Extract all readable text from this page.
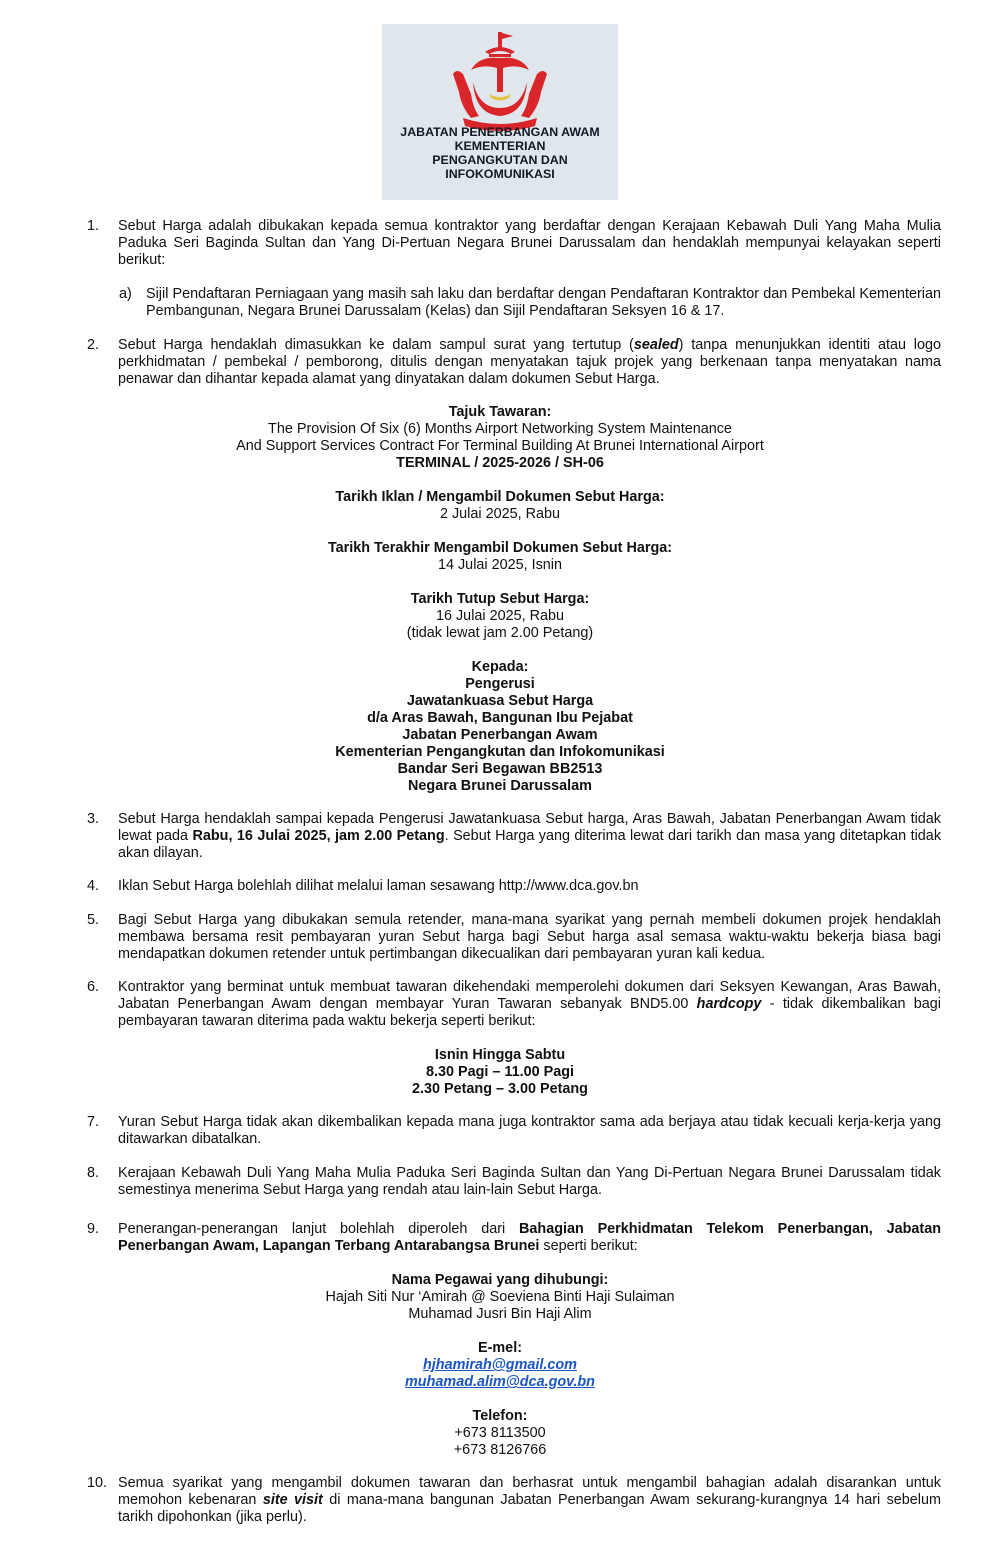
JABATAN PENERBANGAN AWAM
KEMENTERIAN
PENGANGKUTAN DAN
INFOKOMUNIKASI
1.	Sebut Harga adalah dibukakan kepada semua kontraktor yang berdaftar dengan Kerajaan Kebawah Duli Yang Maha Mulia Paduka Seri Baginda Sultan dan Yang Di-Pertuan Negara Brunei Darussalam dan hendaklah mempunyai kelayakan seperti berikut:
a) Sijil Pendaftaran Perniagaan yang masih sah laku dan berdaftar dengan Pendaftaran Kontraktor dan Pembekal Kementerian Pembangunan, Negara Brunei Darussalam (Kelas) dan Sijil Pendaftaran Seksyen 16 & 17.
2.	Sebut Harga hendaklah dimasukkan ke dalam sampul surat yang tertutup (sealed) tanpa menunjukkan identiti atau logo perkhidmatan / pembekal / pemborong, ditulis dengan menyatakan tajuk projek yang berkenaan tanpa menyatakan nama penawar dan dihantar kepada alamat yang dinyatakan dalam dokumen Sebut Harga.
Tajuk Tawaran:
The Provision Of Six (6) Months Airport Networking System Maintenance
And Support Services Contract For Terminal Building At Brunei International Airport
TERMINAL / 2025-2026 / SH-06
Tarikh Iklan / Mengambil Dokumen Sebut Harga:
2 Julai 2025, Rabu
Tarikh Terakhir Mengambil Dokumen Sebut Harga:
14 Julai 2025, Isnin
Tarikh Tutup Sebut Harga:
16 Julai 2025, Rabu
(tidak lewat jam 2.00 Petang)
Kepada:
Pengerusi
Jawatankuasa Sebut Harga
d/a Aras Bawah, Bangunan Ibu Pejabat
Jabatan Penerbangan Awam
Kementerian Pengangkutan dan Infokomunikasi
Bandar Seri Begawan BB2513
Negara Brunei Darussalam
3.	Sebut Harga hendaklah sampai kepada Pengerusi Jawatankuasa Sebut harga, Aras Bawah, Jabatan Penerbangan Awam tidak lewat pada Rabu, 16 Julai 2025, jam 2.00 Petang. Sebut Harga yang diterima lewat dari tarikh dan masa yang ditetapkan tidak akan dilayan.
4.	Iklan Sebut Harga bolehlah dilihat melalui laman sesawang http://www.dca.gov.bn
5.	Bagi Sebut Harga yang dibukakan semula retender, mana-mana syarikat yang pernah membeli dokumen projek hendaklah membawa bersama resit pembayaran yuran Sebut harga bagi Sebut harga asal semasa waktu-waktu bekerja biasa bagi mendapatkan dokumen retender untuk pertimbangan dikecualikan dari pembayaran yuran kali kedua.
6.	Kontraktor yang berminat untuk membuat tawaran dikehendaki memperolehi dokumen dari Seksyen Kewangan, Aras Bawah, Jabatan Penerbangan Awam dengan membayar Yuran Tawaran sebanyak BND5.00 hardcopy - tidak dikembalikan bagi pembayaran tawaran diterima pada waktu bekerja seperti berikut:
Isnin Hingga Sabtu
8.30 Pagi – 11.00 Pagi
2.30 Petang – 3.00 Petang
7.	Yuran Sebut Harga tidak akan dikembalikan kepada mana juga kontraktor sama ada berjaya atau tidak kecuali kerja-kerja yang ditawarkan dibatalkan.
8.	Kerajaan Kebawah Duli Yang Maha Mulia Paduka Seri Baginda Sultan dan Yang Di-Pertuan Negara Brunei Darussalam tidak semestinya menerima Sebut Harga yang rendah atau lain-lain Sebut Harga.
9.	Penerangan-penerangan lanjut bolehlah diperoleh dari Bahagian Perkhidmatan Telekom Penerbangan, Jabatan Penerbangan Awam, Lapangan Terbang Antarabangsa Brunei seperti berikut:
Nama Pegawai yang dihubungi:
Hajah Siti Nur ‘Amirah @ Soeviena Binti Haji Sulaiman
Muhamad Jusri Bin Haji Alim
E-mel:
hjhamirah@gmail.com
muhamad.alim@dca.gov.bn
Telefon:
+673 8113500
+673 8126766
10. Semua syarikat yang mengambil dokumen tawaran dan berhasrat untuk mengambil bahagian adalah disarankan untuk memohon kebenaran site visit di mana-mana bangunan Jabatan Penerbangan Awam sekurang-kurangnya 14 hari sebelum tarikh dipohonkan (jika perlu).
